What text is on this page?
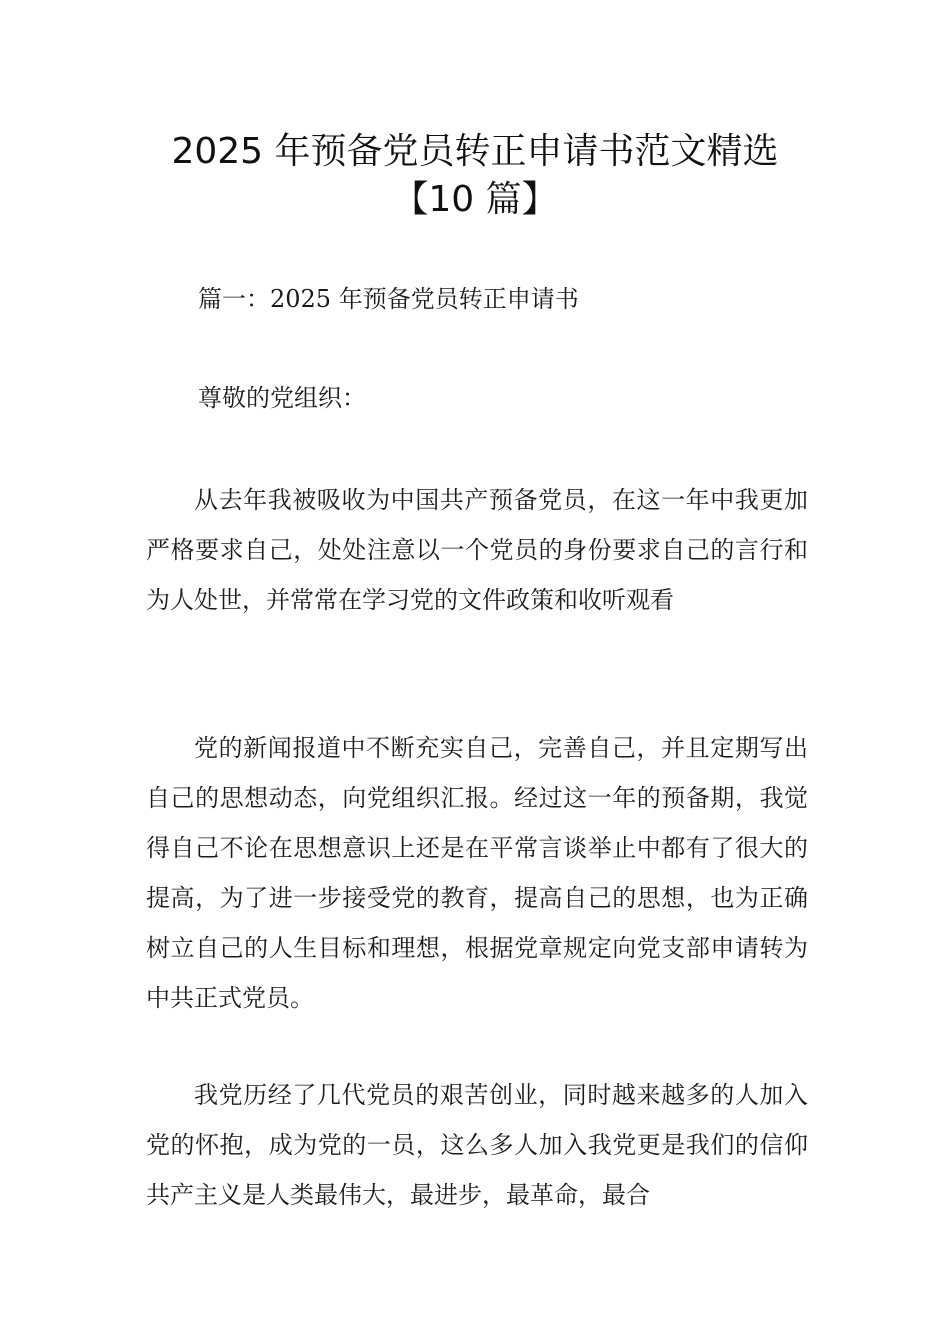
2025 年预备党员转正申请书范文精选【10 篇】

篇一：2025 年预备党员转正申请书

尊敬的党组织：

从去年我被吸收为中国共产预备党员，在这一年中我更加严格要求自己，处处注意以一个党员的身份要求自己的言行和为人处世，并常常在学习党的文件政策和收听观看

党的新闻报道中不断充实自己，完善自己，并且定期写出自己的思想动态，向党组织汇报。经过这一年的预备期，我觉得自己不论在思想意识上还是在平常言谈举止中都有了很大的提高，为了进一步接受党的教育，提高自己的思想，也为正确树立自己的人生目标和理想，根据党章规定向党支部申请转为中共正式党员。

我党历经了几代党员的艰苦创业，同时越来越多的人加入党的怀抱，成为党的一员，这么多人加入我党更是我们的信仰共产主义是人类最伟大，最进步，最革命，最合
